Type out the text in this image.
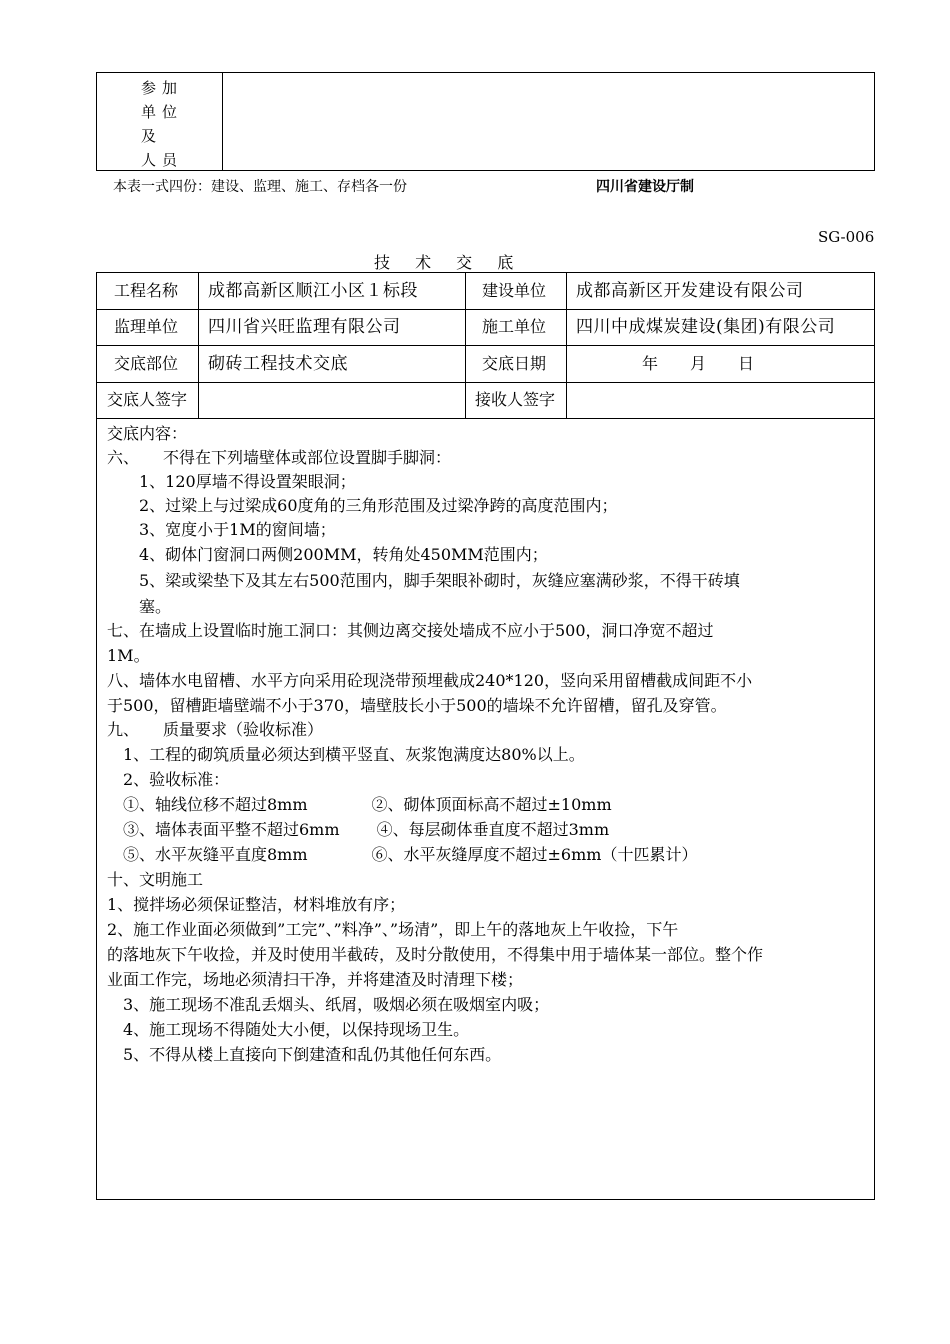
参加
单位
及
人员
本表一式四份：建设、监理、施工、存档各一份	四川省建设厅制
SG-006
技 术 交 底
工程名称 成都高新区顺江小区１标段	建设单位 成都高新区开发建设有限公司
监理单位 四川省兴旺监理有限公司	施工单位 四川中成煤炭建设(集团)有限公司
交底部位 砌砖工程技术交底	交底日期	年　　月　　日
交底人签字	接收人签字
交底内容：
六、　　不得在下列墙壁体或部位设置脚手脚洞：
　　1、120厚墙不得设置架眼洞；
　　2、过梁上与过梁成60度角的三角形范围及过梁净跨的高度范围内；
　　3、宽度小于1M的窗间墙；
　　4、砌体门窗洞口两侧200MM，转角处450MM范围内；
　　5、梁或梁垫下及其左右500范围内，脚手架眼补砌时，灰缝应塞满砂浆，不得干砖填
　　塞。
七、在墙成上设置临时施工洞口：其侧边离交接处墙成不应小于500，洞口净宽不超过
1M。
八、墙体水电留槽、水平方向采用砼现浇带预埋截成240*120，竖向采用留槽截成间距不小
于500，留槽距墙壁端不小于370，墙壁肢长小于500的墙垛不允许留槽，留孔及穿管。
九、　　质量要求（验收标准）
　1、工程的砌筑质量必须达到横平竖直、灰浆饱满度达80%以上。
　2、验收标准：
　①、轴线位移不超过8mm　　　　②、砌体顶面标高不超过±10mm
　③、墙体表面平整不超过6mm　　 ④、每层砌体垂直度不超过3mm
　⑤、水平灰缝平直度8mm　　　　⑥、水平灰缝厚度不超过±6mm（十匹累计）
十、文明施工
1、搅拌场必须保证整洁，材料堆放有序；
2、施工作业面必须做到”工完”、”料净”、”场清”，即上午的落地灰上午收捡，下午
的落地灰下午收捡，并及时使用半截砖，及时分散使用，不得集中用于墙体某一部位。整个作
业面工作完，场地必须清扫干净，并将建渣及时清理下楼；
　3、施工现场不准乱丢烟头、纸屑，吸烟必须在吸烟室内吸；
　4、施工现场不得随处大小便，以保持现场卫生。
　5、不得从楼上直接向下倒建渣和乱仍其他任何东西。
